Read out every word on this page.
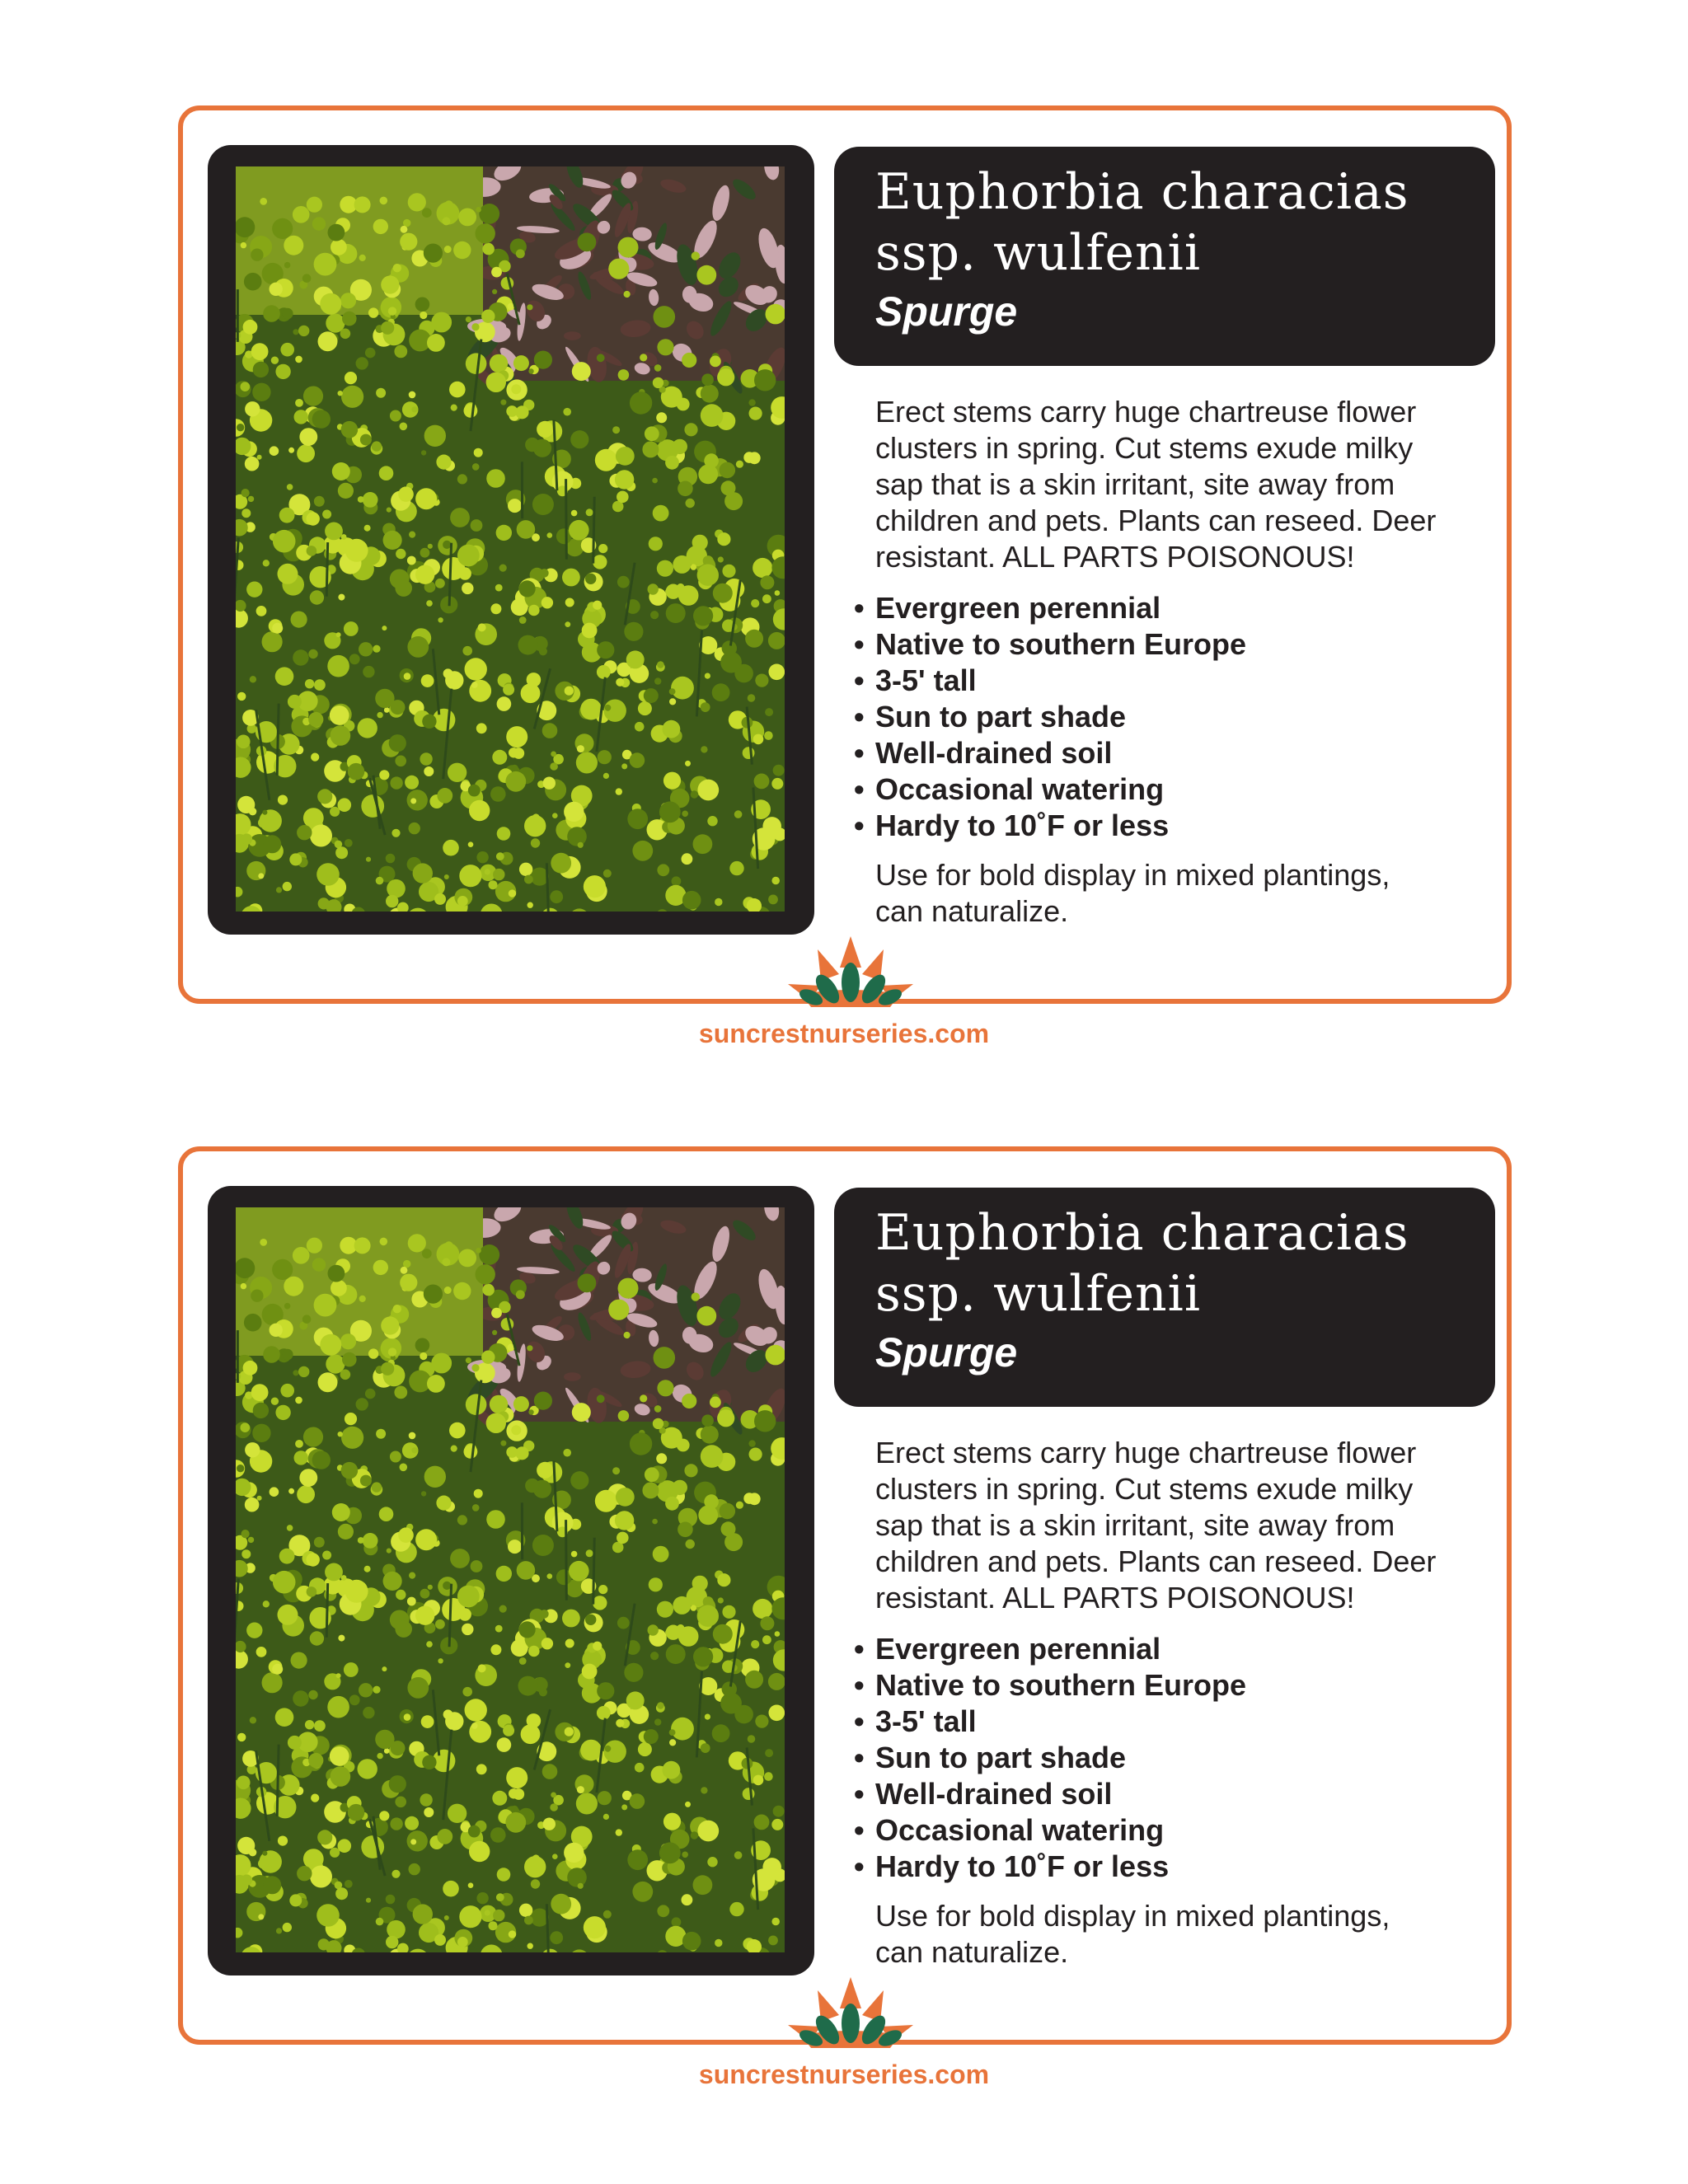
Euphorbia characias
ssp. wulfenii
Spurge

Erect stems carry huge chartreuse flower
clusters in spring. Cut stems exude milky
sap that is a skin irritant, site away from
children and pets. Plants can reseed. Deer
resistant. ALL PARTS POISONOUS!

• Evergreen perennial
• Native to southern Europe
• 3-5' tall
• Sun to part shade
• Well-drained soil
• Occasional watering
• Hardy to 10˚F or less

Use for bold display in mixed plantings,
can naturalize.

suncrestnurseries.com
Euphorbia characias
ssp. wulfenii
Spurge

Erect stems carry huge chartreuse flower
clusters in spring. Cut stems exude milky
sap that is a skin irritant, site away from
children and pets. Plants can reseed. Deer
resistant. ALL PARTS POISONOUS!

• Evergreen perennial
• Native to southern Europe
• 3-5' tall
• Sun to part shade
• Well-drained soil
• Occasional watering
• Hardy to 10˚F or less

Use for bold display in mixed plantings,
can naturalize.

suncrestnurseries.com
